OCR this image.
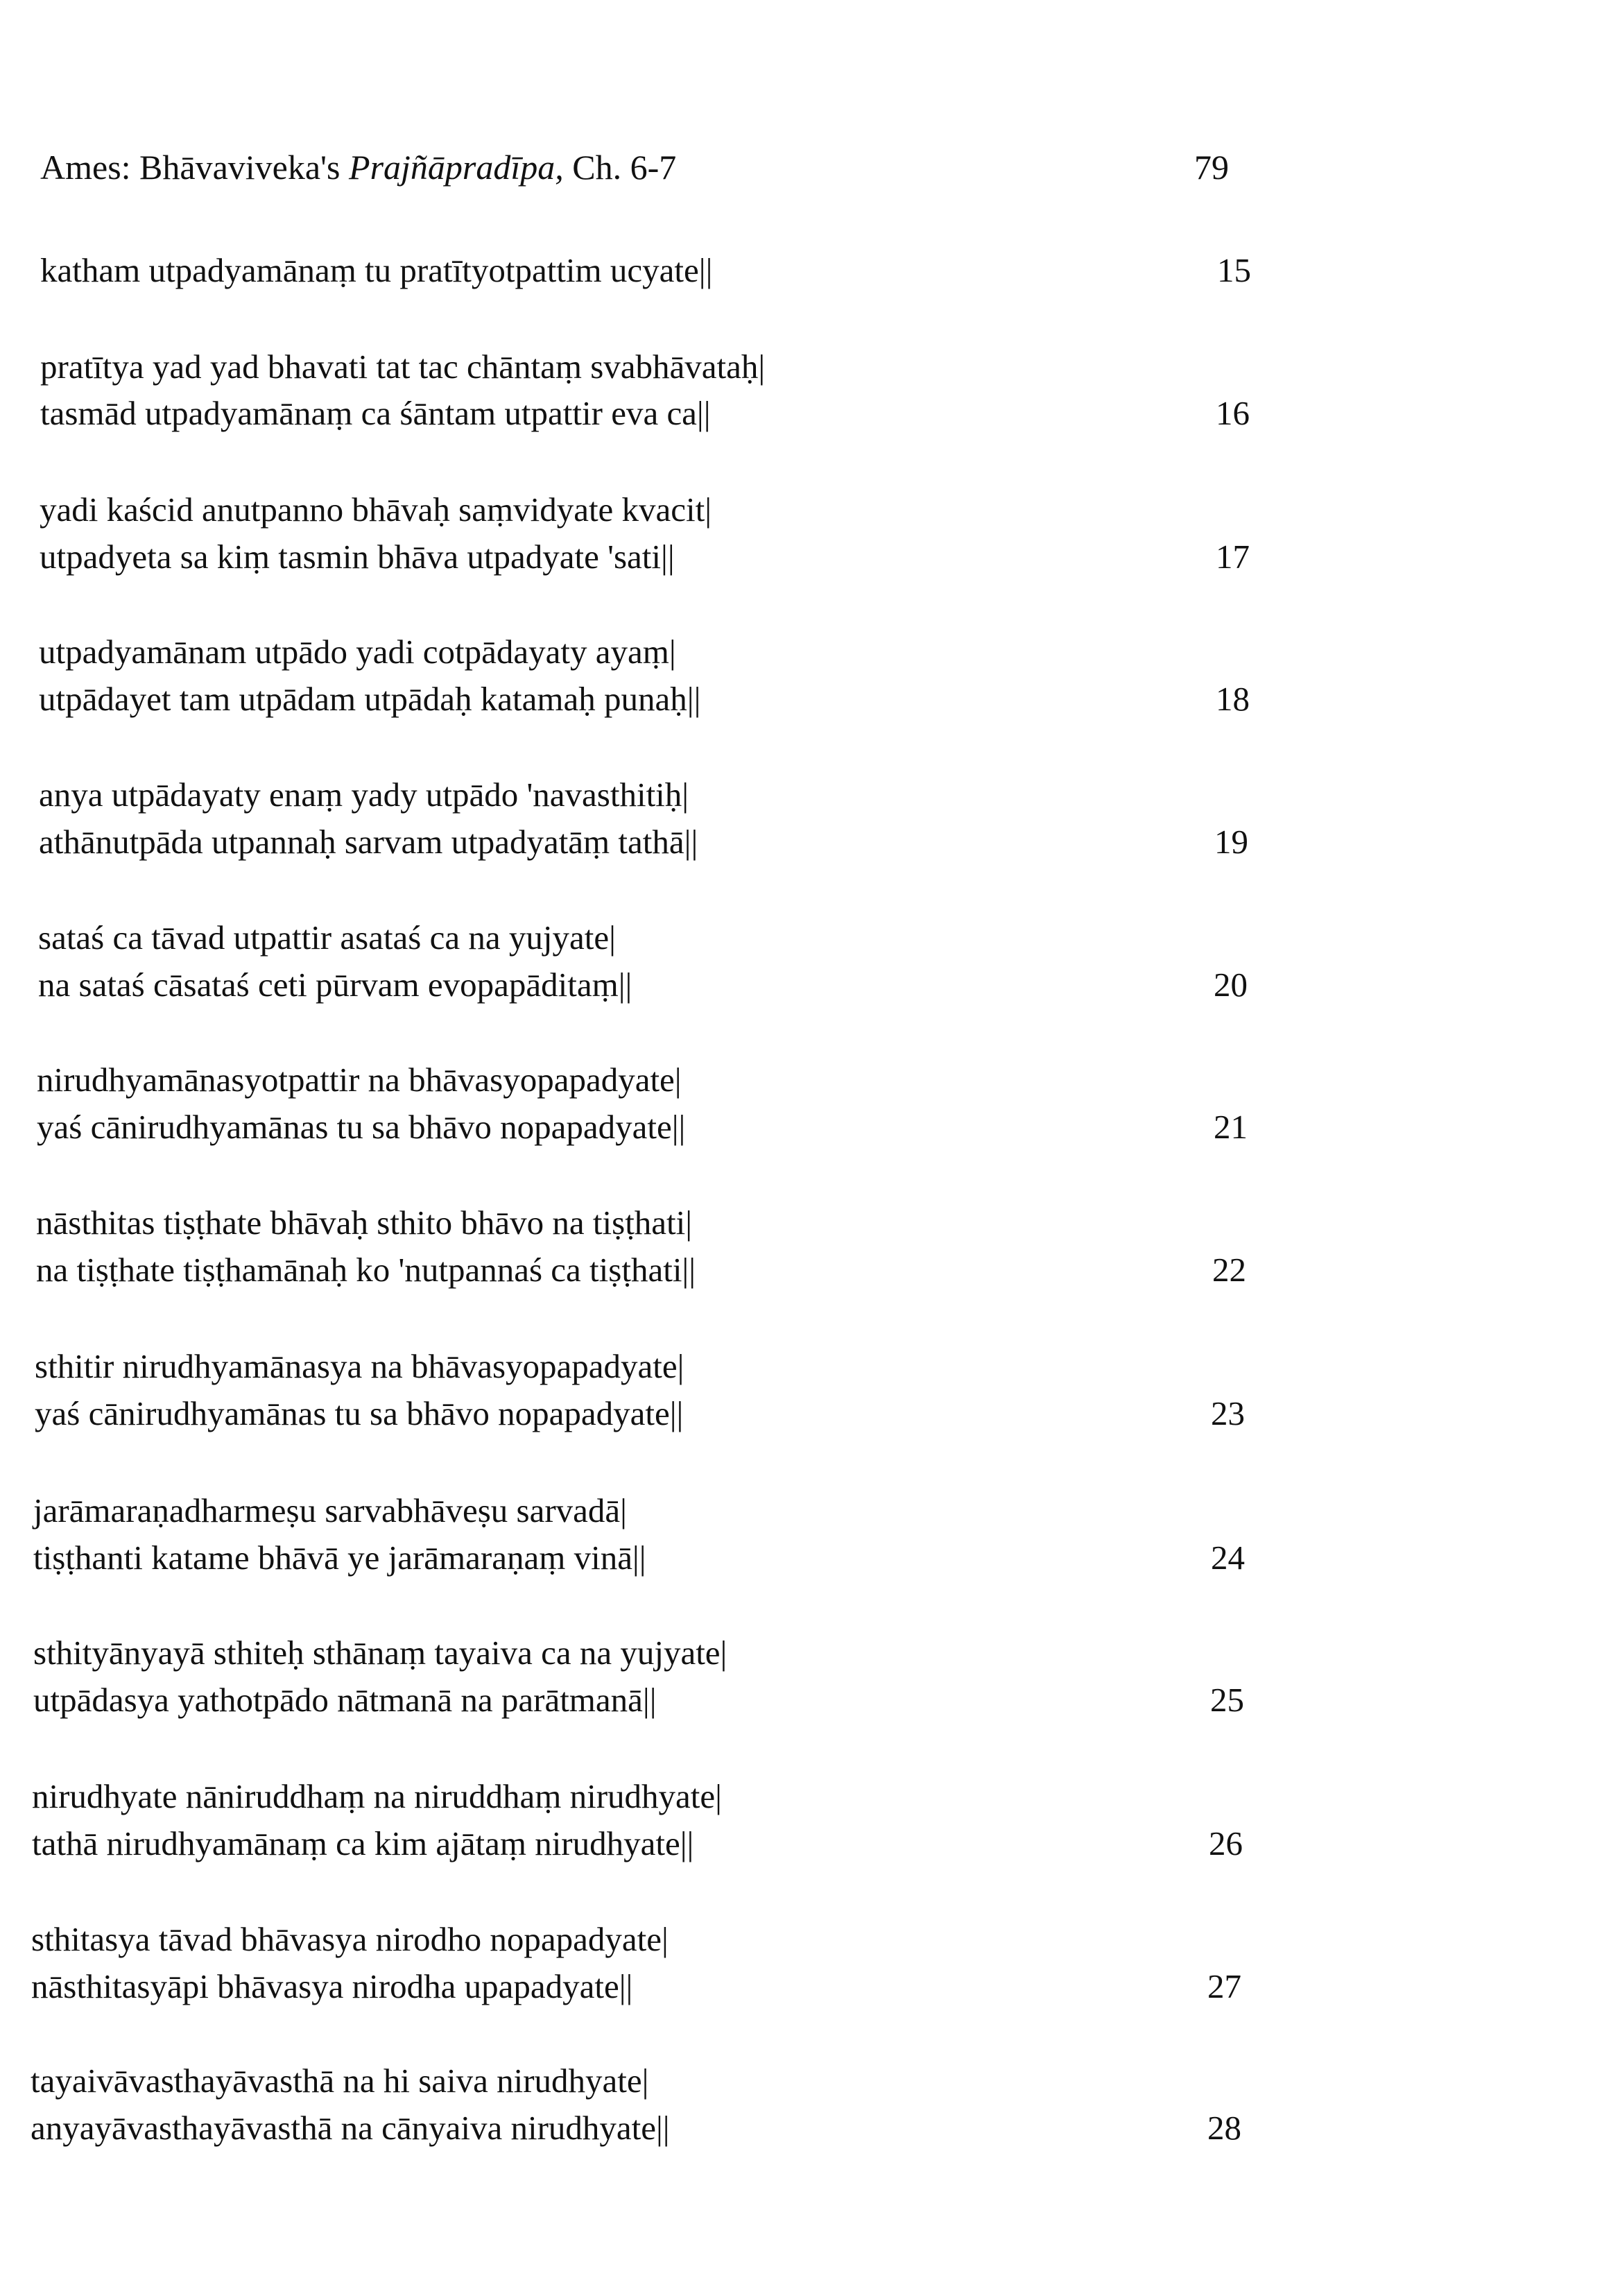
Ames: Bhāvaviveka's Prajñāpradīpa, Ch. 6-7	79
katham utpadyamānaṃ tu pratītyotpattim ucyate||	15
pratītya yad yad bhavati tat tac chāntaṃ svabhāvataḥ|
tasmād utpadyamānaṃ ca śāntam utpattir eva ca||	16
yadi kaścid anutpanno bhāvaḥ saṃvidyate kvacit|
utpadyeta sa kiṃ tasmin bhāva utpadyate 'sati||	17
utpadyamānam utpādo yadi cotpādayaty ayaṃ|
utpādayet tam utpādam utpādaḥ katamaḥ punaḥ||	18
anya utpādayaty enaṃ yady utpādo 'navasthitiḥ|
athānutpāda utpannaḥ sarvam utpadyatāṃ tathā||	19
sataś ca tāvad utpattir asataś ca na yujyate|
na sataś cāsataś ceti pūrvam evopapāditaṃ||	20
nirudhyamānasyotpattir na bhāvasyopapadyate|
yaś cānirudhyamānas tu sa bhāvo nopapadyate||	21
nāsthitas tiṣṭhate bhāvaḥ sthito bhāvo na tiṣṭhati|
na tiṣṭhate tiṣṭhamānaḥ ko 'nutpannaś ca tiṣṭhati||	22
sthitir nirudhyamānasya na bhāvasyopapadyate|
yaś cānirudhyamānas tu sa bhāvo nopapadyate||	23
jarāmaraṇadharmeṣu sarvabhāveṣu sarvadā|
tiṣṭhanti katame bhāvā ye jarāmaraṇaṃ vinā||	24
sthityānyayā sthiteḥ sthānaṃ tayaiva ca na yujyate|
utpādasya yathotpādo nātmanā na parātmanā||	25
nirudhyate nāniruddhaṃ na niruddhaṃ nirudhyate|
tathā nirudhyamānaṃ ca kim ajātaṃ nirudhyate||	26
sthitasya tāvad bhāvasya nirodho nopapadyate|
nāsthitasyāpi bhāvasya nirodha upapadyate||	27
tayaivāvasthayāvasthā na hi saiva nirudhyate|
anyayāvasthayāvasthā na cānyaiva nirudhyate||	28
